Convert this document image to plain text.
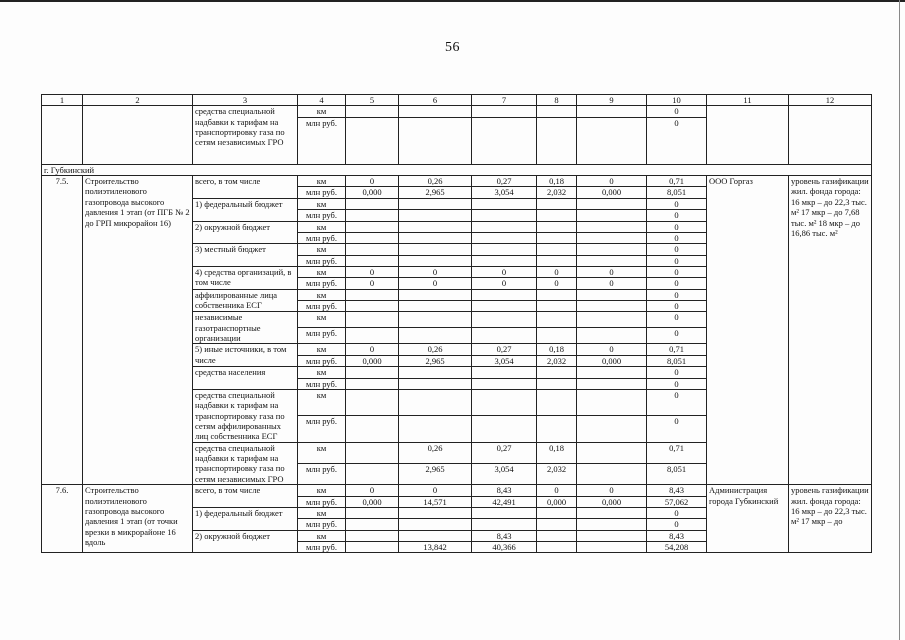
56
1	2	3	4	5	6	7	8	9	10	11	12
		средства специальной надбавки к тарифам на транспортировку газа по сетям независимых ГРО	км						0		
			млн руб.						0		
г. Губкинский											
7.5.	Строительство полиэтиленового газопровода высокого давления 1 этап (от ПГБ № 2 до ГРП микрорайон 16)	всего, в том числе	км	0	0,26	0,27	0,18	0	0,71	ООО Горгаз	уровень газификации жил. фонда города: 16 мкр – до 22,3 тыс. м² 17 мкр – до 7,68 тыс. м² 18 мкр – до 16,86 тыс. м²
			млн руб.	0,000	2,965	3,054	2,032	0,000	8,051		
		1) федеральный бюджет	км						0		
			млн руб.						0		
		2) окружной бюджет	км						0		
			млн руб.						0		
		3) местный бюджет	км						0		
			млн руб.						0		
		4) средства организаций, в том числе	км	0	0	0	0	0	0		
			млн руб.	0	0	0	0	0	0		
		аффилированные лица собственника ЕСГ	км						0		
			млн руб.						0		
		независимые газотранспортные организации	км						0		
			млн руб.						0		
		5) иные источники, в том числе	км	0	0,26	0,27	0,18	0	0,71		
			млн руб.	0,000	2,965	3,054	2,032	0,000	8,051		
		средства населения	км						0		
			млн руб.						0		
		средства специальной надбавки к тарифам на транспортировку газа по сетям аффилированных лиц собственника ЕСГ	км						0		
			млн руб.						0		
		средства специальной надбавки к тарифам на транспортировку газа по сетям независимых ГРО	км		0,26	0,27	0,18		0,71		
			млн руб.		2,965	3,054	2,032		8,051		
7.6.	Строительство полиэтиленового газопровода высокого давления 1 этап (от точки врезки в микрорайоне 16 вдоль	всего, в том числе	км	0	0	8,43	0	0	8,43	Администрация города Губкинский	уровень газификации жил. фонда города: 16 мкр – до 22,3 тыс. м² 17 мкр – до
			млн руб.	0,000	14,571	42,491	0,000	0,000	57,062		
		1) федеральный бюджет	км						0		
			млн руб.						0		
		2) окружной бюджет	км			8,43			8,43		
			млн руб.		13,842	40,366			54,208		
